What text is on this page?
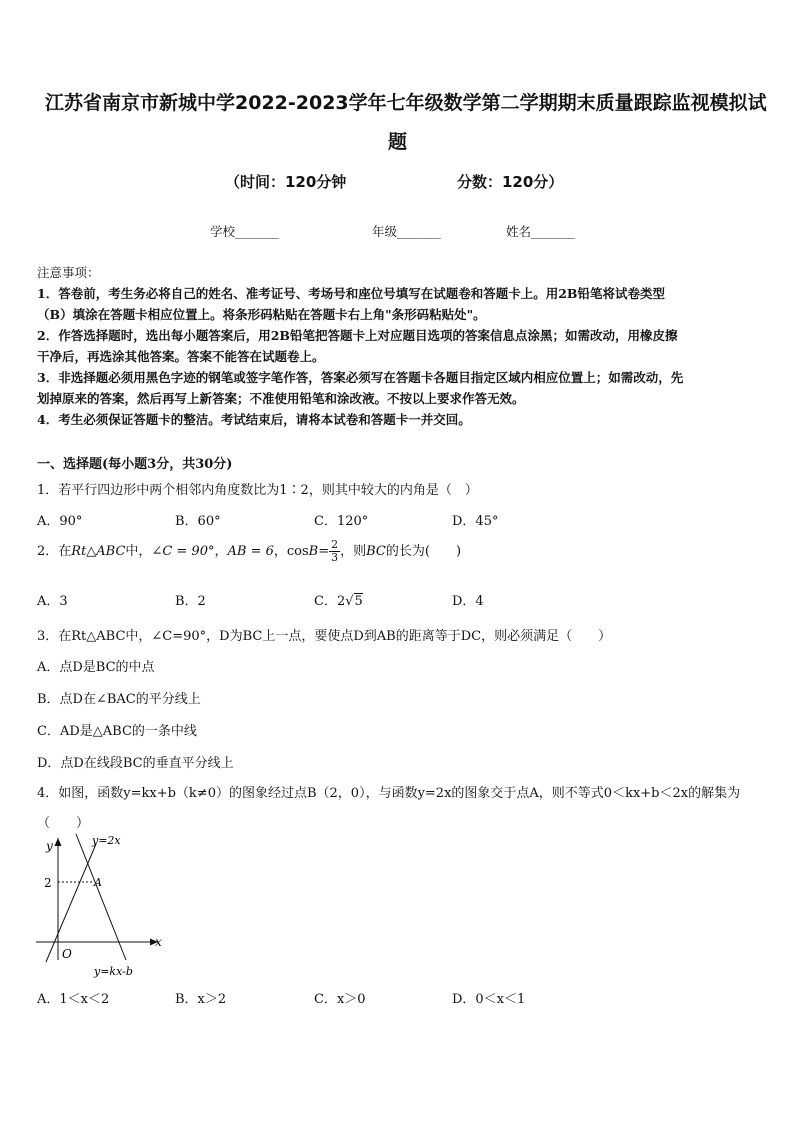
江苏省南京市新城中学2022-2023学年七年级数学第二学期期末质量跟踪监视模拟试
题
（时间：120分钟	分数：120分）
学校_______	年级_______	姓名_______

注意事项：

1．答卷前，考生务必将自己的姓名、准考证号、考场号和座位号填写在试题卷和答题卡上。用2B铅笔将试卷类型

（B）填涂在答题卡相应位置上。将条形码粘贴在答题卡右上角"条形码粘贴处"。

2．作答选择题时，选出每小题答案后，用2B铅笔把答题卡上对应题目选项的答案信息点涂黑；如需改动，用橡皮擦

干净后，再选涂其他答案。答案不能答在试题卷上。

3．非选择题必须用黑色字迹的钢笔或签字笔作答，答案必须写在答题卡各题目指定区域内相应位置上；如需改动，先

划掉原来的答案，然后再写上新答案；不准使用铅笔和涂改液。不按以上要求作答无效。

4．考生必须保证答题卡的整洁。考试结束后，请将本试卷和答题卡一并交回。

一、选择题(每小题3分，共30分)
1．若平行四边形中两个相邻内角度数比为1∶2，则其中较大的内角是（　）
A．90°	B．60°	C．120°	D．45°
2．在Rt△ABC中，∠C = 90°，AB = 6，$\cos B= \frac{2}{3}$ ，则BC的长为(　　)
A．3	B．2	C．2√5	D．4
3．在Rt△ABC中，∠C=90°，D为BC上一点，要使点D到AB的距离等于DC，则必须满足（　　）
A．点D是BC的中点
B．点D在∠BAC的平分线上
C．AD是△ABC的一条中线
D．点D在线段BC的垂直平分线上
4．如图，函数y=kx+b（k≠0）的图象经过点B（2，0），与函数y=2x的图象交于点A，则不等式0＜kx+b＜2x的解集为
（　　）
y
x
O
y=2x
y=kx-b
A
2
A．1＜x＜2	B．x＞2	C．x＞0	D．0＜x＜1
